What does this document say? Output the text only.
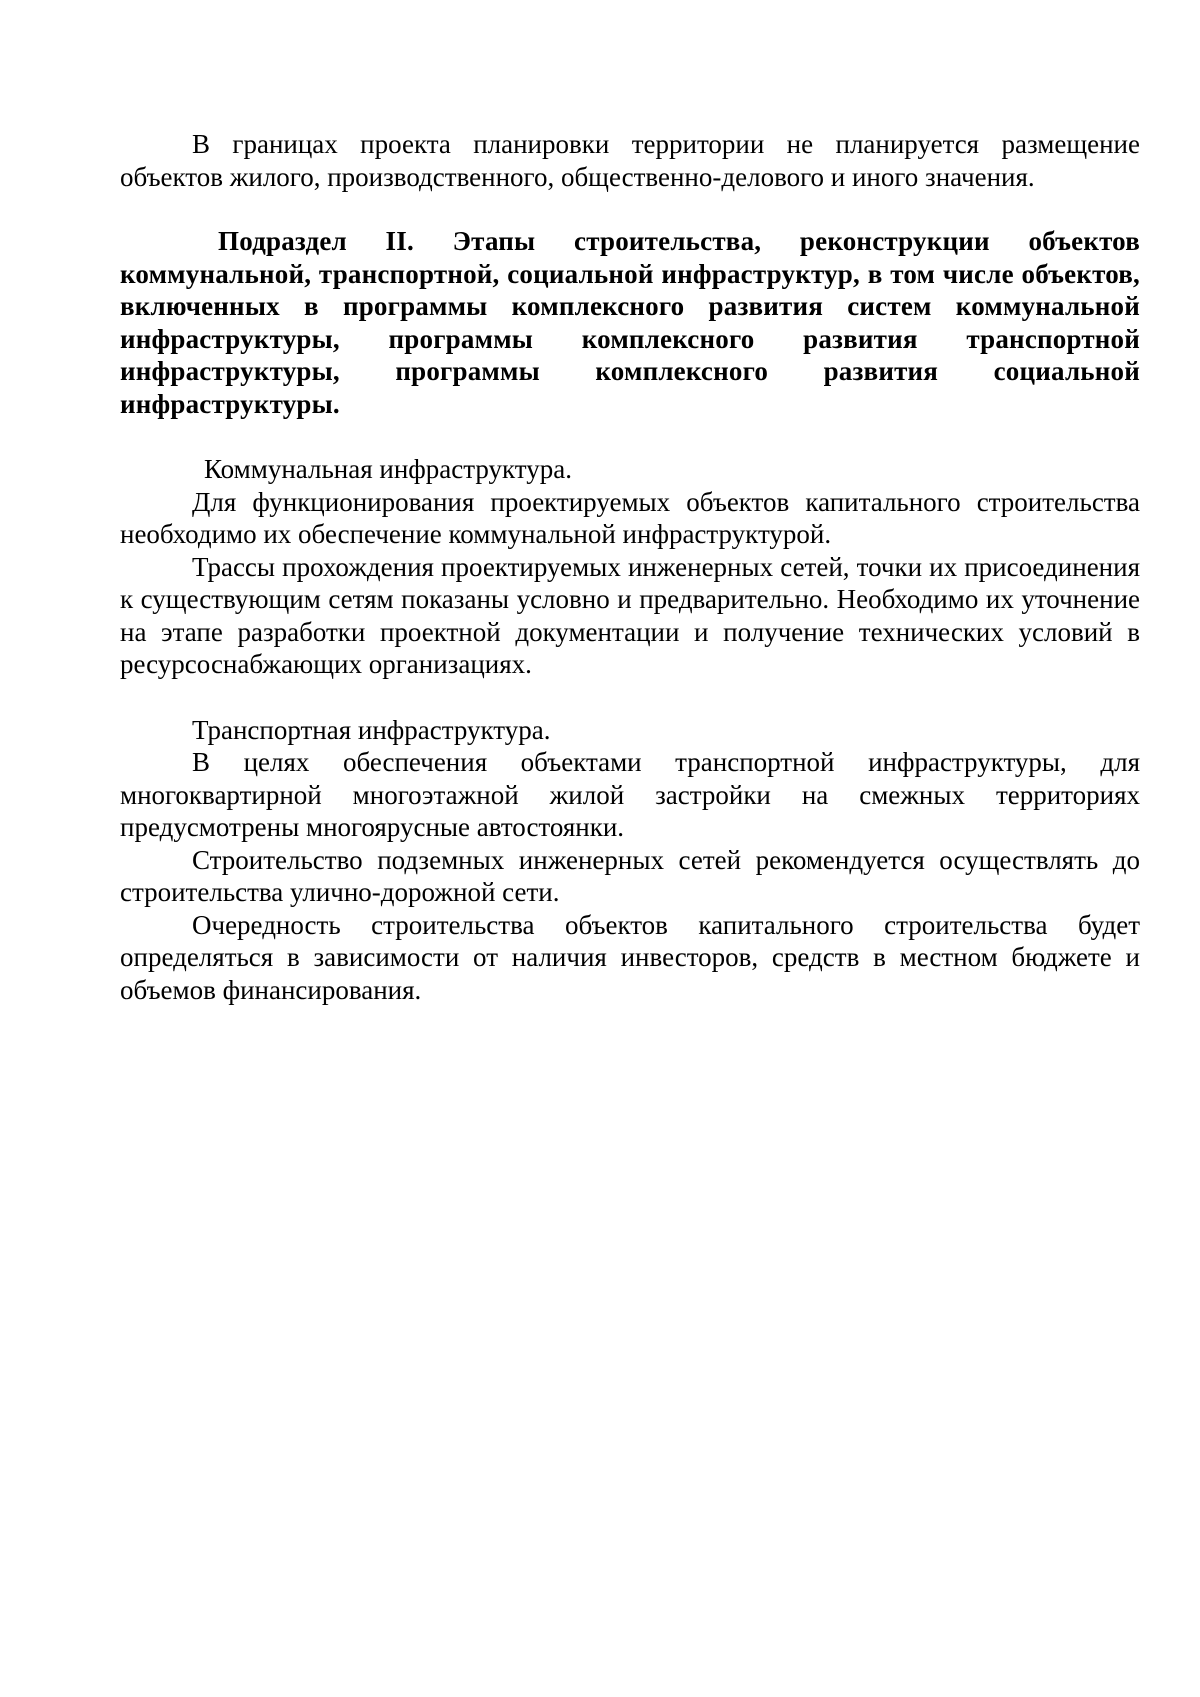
В границах проекта планировки территории не планируется размещение объектов жилого, производственного, общественно-делового и иного значения.

Подраздел II. Этапы строительства, реконструкции объектов коммунальной, транспортной, социальной инфраструктур, в том числе объектов, включенных в программы комплексного развития систем коммунальной инфраструктуры, программы комплексного развития транспортной инфраструктуры, программы комплексного развития социальной инфраструктуры.

Коммунальная инфраструктура.

Для функционирования проектируемых объектов капитального строительства необходимо их обеспечение коммунальной инфраструктурой.

Трассы прохождения проектируемых инженерных сетей, точки их присоединения к существующим сетям показаны условно и предварительно. Необходимо их уточнение на этапе разработки проектной документации и получение технических условий в ресурсоснабжающих организациях.

Транспортная инфраструктура.

В целях обеспечения объектами транспортной инфраструктуры, для многоквартирной многоэтажной жилой застройки на смежных территориях предусмотрены многоярусные автостоянки.

Строительство подземных инженерных сетей рекомендуется осуществлять до строительства улично-дорожной сети.

Очередность строительства объектов капитального строительства будет определяться в зависимости от наличия инвесторов, средств в местном бюджете и объемов финансирования.
